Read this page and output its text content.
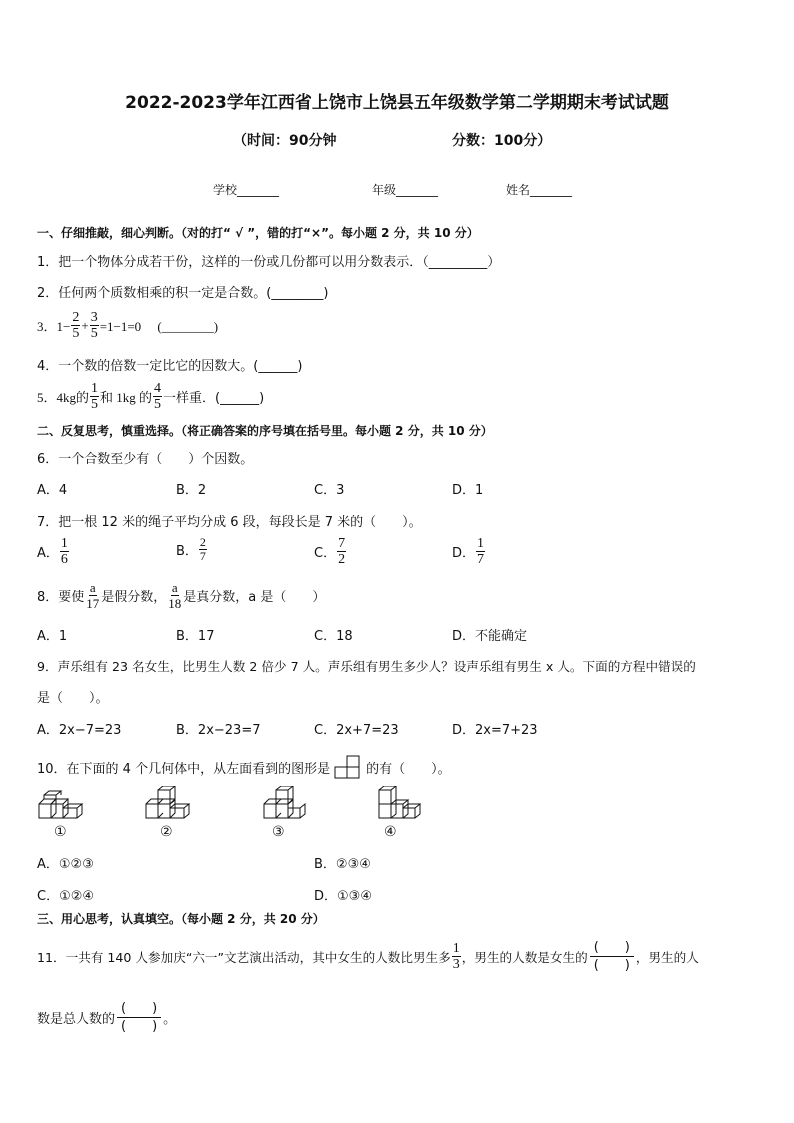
2022-2023学年江西省上饶市上饶县五年级数学第二学期期末考试试题
（时间：90分钟	分数：100分）
学校_______	年级_______	姓名_______
一、仔细推敲，细心判断。（对的打“ √ ”，错的打“×”。每小题 2 分，共 10 分）
1．把一个物体分成若干份，这样的一份或几份都可以用分数表示．（_________）
2．任何两个质数相乘的积一定是合数。(________)
3．$1- \frac{2}{5} + \frac{3}{5} =1-1=0$　 (________)
4．一个数的倍数一定比它的因数大。(______)
5．4kg的 $\frac{1}{5}$ 和 1kg 的 $\frac{4}{5}$ 一样重．(______)
二、反复思考，慎重选择。（将正确答案的序号填在括号里。每小题 2 分，共 10 分）
6．一个合数至少有（　　）个因数。
A．4	B．2	C．3	D．1
7．把一根 12 米的绳子平均分成 6 段，每段长是 7 米的（　　）。
A． $\frac{1}{6}$	B． $\frac{2}{7}$	C． $\frac{7}{2}$	D． $\frac{1}{7}$
8．要使 $\frac{a}{17}$ 是假分数， $\frac{a}{18}$ 是真分数，a 是（　　）
A．1	B．17	C．18	D．不能确定
9．声乐组有 23 名女生，比男生人数 2 倍少 7 人。声乐组有男生多少人？设声乐组有男生 x 人。下面的方程中错误的
是（　　）。
A．2x−7=23	B．2x−23=7	C．2x+7=23	D．2x=7+23
10．在下面的 4 个几何体中，从左面看到的图形是	的有（　　）。
①	②	③	④
A．①②③	B．②③④
C．①②④	D．①③④
三、用心思考，认真填空。（每小题 2 分，共 20 分）
11．一共有 140 人参加庆“六一”文艺演出活动，其中女生的人数比男生多 $\frac{1}{3}$ ，男生的人数是女生的 $\frac{( )}{( )}$ ，男生的人
数是总人数的 $\frac{( )}{( )}$ 。
